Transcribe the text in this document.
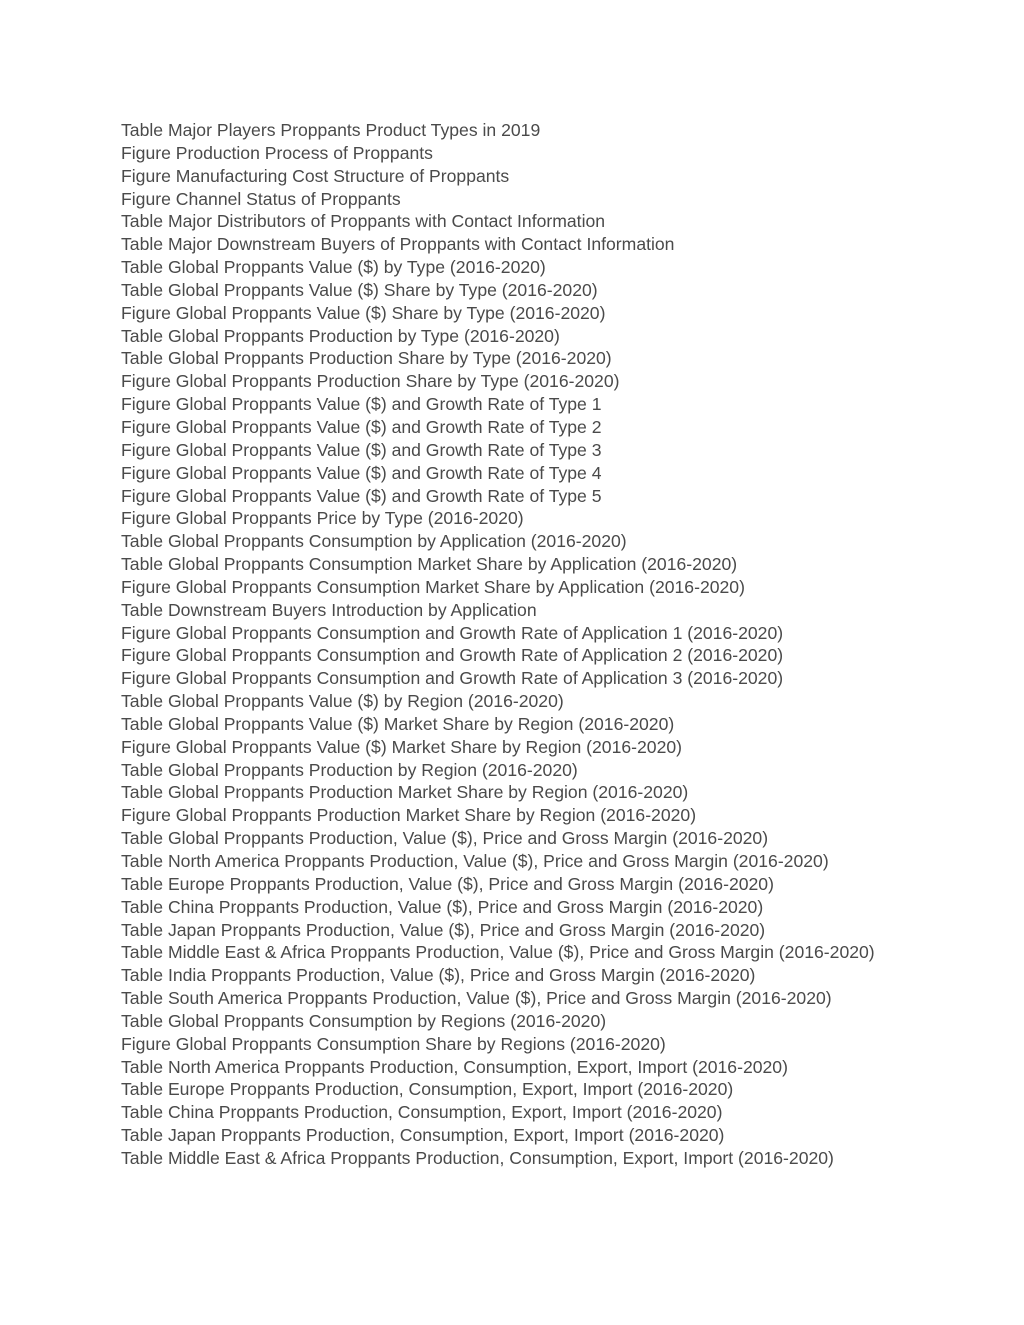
Table Major Players Proppants Product Types in 2019
Figure Production Process of Proppants
Figure Manufacturing Cost Structure of Proppants
Figure Channel Status of Proppants
Table Major Distributors of Proppants with Contact Information
Table Major Downstream Buyers of Proppants with Contact Information
Table Global Proppants Value ($) by Type (2016-2020)
Table Global Proppants Value ($) Share by Type (2016-2020)
Figure Global Proppants Value ($) Share by Type (2016-2020)
Table Global Proppants Production by Type (2016-2020)
Table Global Proppants Production Share by Type (2016-2020)
Figure Global Proppants Production Share by Type (2016-2020)
Figure Global Proppants Value ($) and Growth Rate of Type 1
Figure Global Proppants Value ($) and Growth Rate of Type 2
Figure Global Proppants Value ($) and Growth Rate of Type 3
Figure Global Proppants Value ($) and Growth Rate of Type 4
Figure Global Proppants Value ($) and Growth Rate of Type 5
Figure Global Proppants Price by Type (2016-2020)
Table Global Proppants Consumption by Application (2016-2020)
Table Global Proppants Consumption Market Share by Application (2016-2020)
Figure Global Proppants Consumption Market Share by Application (2016-2020)
Table Downstream Buyers Introduction by Application
Figure Global Proppants Consumption and Growth Rate of Application 1 (2016-2020)
Figure Global Proppants Consumption and Growth Rate of Application 2 (2016-2020)
Figure Global Proppants Consumption and Growth Rate of Application 3 (2016-2020)
Table Global Proppants Value ($) by Region (2016-2020)
Table Global Proppants Value ($) Market Share by Region (2016-2020)
Figure Global Proppants Value ($) Market Share by Region (2016-2020)
Table Global Proppants Production by Region (2016-2020)
Table Global Proppants Production Market Share by Region (2016-2020)
Figure Global Proppants Production Market Share by Region (2016-2020)
Table Global Proppants Production, Value ($), Price and Gross Margin (2016-2020)
Table North America Proppants Production, Value ($), Price and Gross Margin (2016-2020)
Table Europe Proppants Production, Value ($), Price and Gross Margin (2016-2020)
Table China Proppants Production, Value ($), Price and Gross Margin (2016-2020)
Table Japan Proppants Production, Value ($), Price and Gross Margin (2016-2020)
Table Middle East & Africa Proppants Production, Value ($), Price and Gross Margin (2016-2020)
Table India Proppants Production, Value ($), Price and Gross Margin (2016-2020)
Table South America Proppants Production, Value ($), Price and Gross Margin (2016-2020)
Table Global Proppants Consumption by Regions (2016-2020)
Figure Global Proppants Consumption Share by Regions (2016-2020)
Table North America Proppants Production, Consumption, Export, Import (2016-2020)
Table Europe Proppants Production, Consumption, Export, Import (2016-2020)
Table China Proppants Production, Consumption, Export, Import (2016-2020)
Table Japan Proppants Production, Consumption, Export, Import (2016-2020)
Table Middle East & Africa Proppants Production, Consumption, Export, Import (2016-2020)
